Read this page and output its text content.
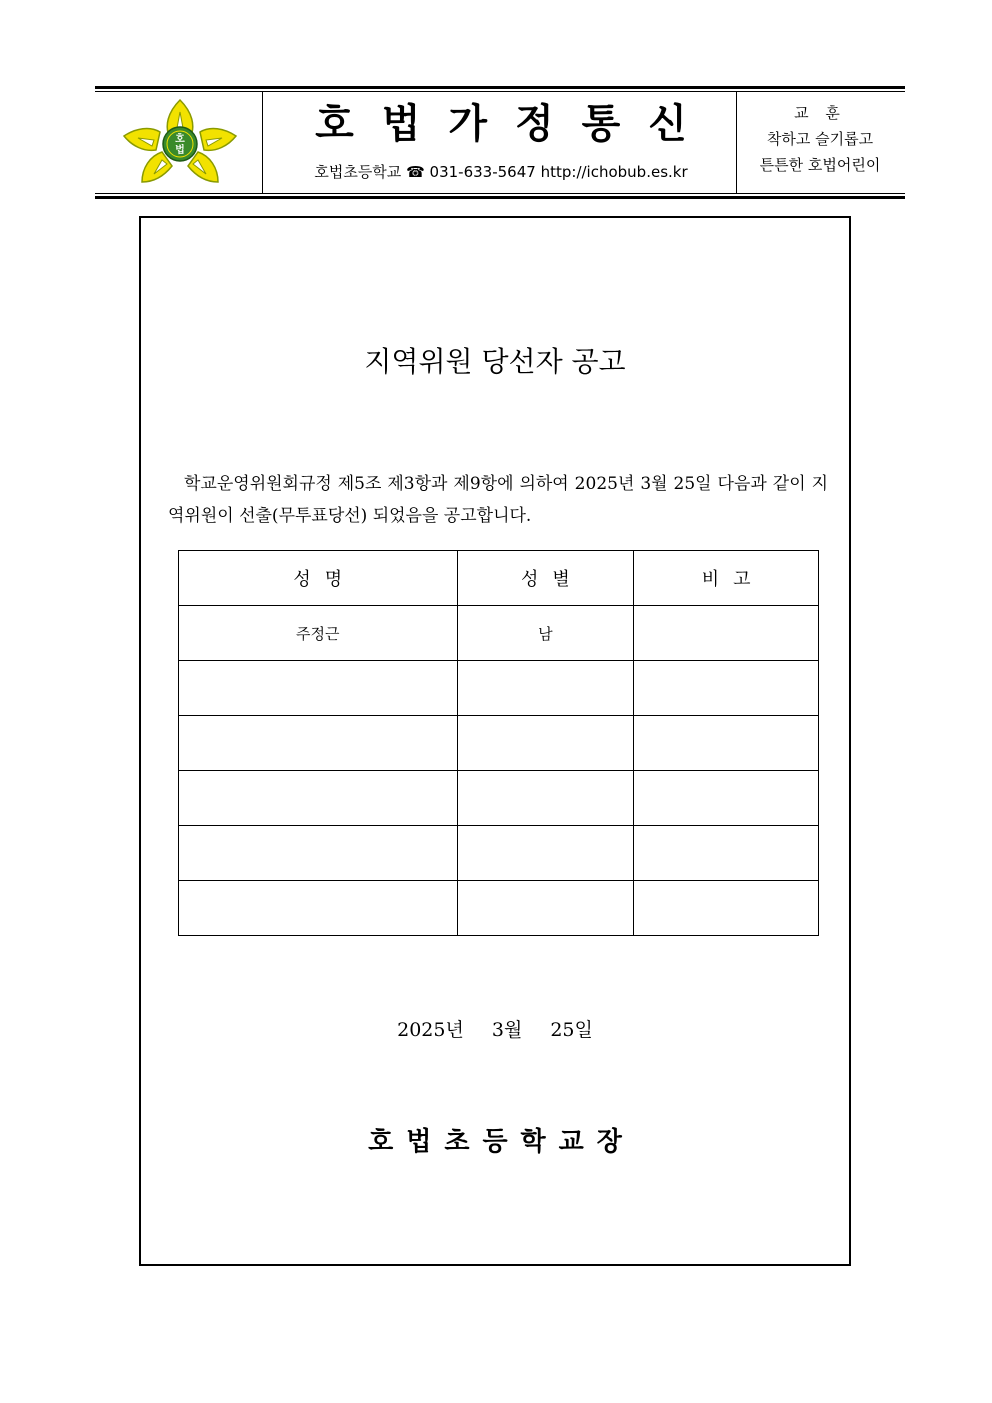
호
법
호법가정통신
호법초등학교 ☎ 031-633-5647 http://ichobub.es.kr
교 훈
착하고 슬기롭고
튼튼한 호법어린이
지역위원 당선자 공고
학교운영위원회규정 제5조 제3항과 제9항에 의하여 2025년 3월 25일 다음과 같이 지역위원이 선출(무투표당선) 되었음을 공고합니다.
성명	성별	비고
주정근	남	

2025년 3월 25일
호법초등학교장
